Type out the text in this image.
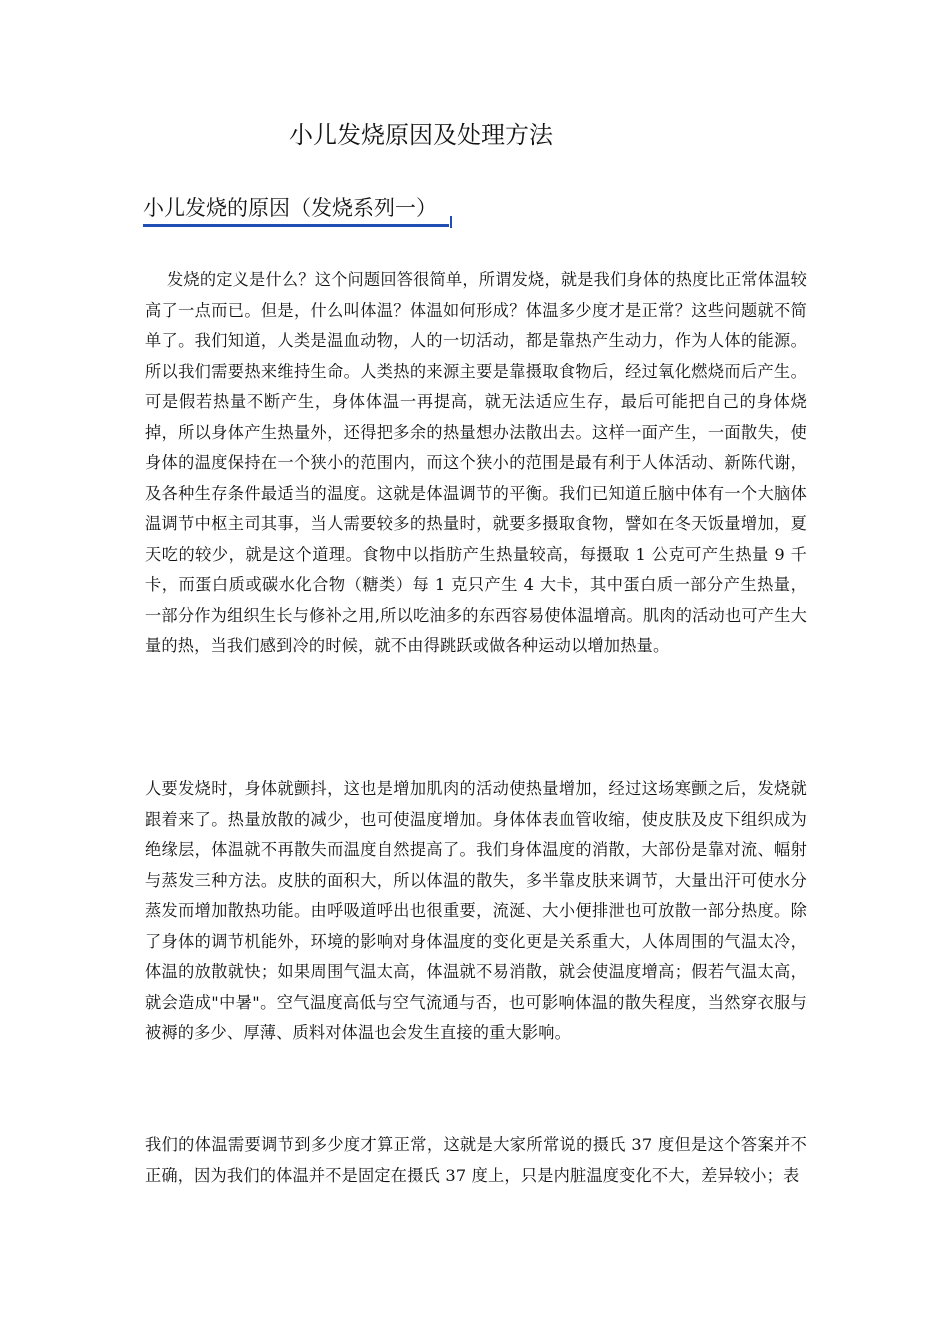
小儿发烧原因及处理方法
小儿发烧的原因（发烧系列一）

发烧的定义是什么？这个问题回答很简单，所谓发烧，就是我们身体的热度比正常体温较高了一点而已。但是，什么叫体温？体温如何形成？体温多少度才是正常？这些问题就不简单了。我们知道，人类是温血动物，人的一切活动，都是靠热产生动力，作为人体的能源。所以我们需要热来维持生命。人类热的来源主要是靠摄取食物后，经过氧化燃烧而后产生。可是假若热量不断产生，身体体温一再提高，就无法适应生存，最后可能把自己的身体烧掉，所以身体产生热量外，还得把多余的热量想办法散出去。这样一面产生，一面散失，使身体的温度保持在一个狭小的范围内，而这个狭小的范围是最有利于人体活动、新陈代谢，及各种生存条件最适当的温度。这就是体温调节的平衡。我们已知道丘脑中体有一个大脑体温调节中枢主司其事，当人需要较多的热量时，就要多摄取食物，譬如在冬天饭量增加，夏天吃的较少，就是这个道理。食物中以指肪产生热量较高，每摄取 1 公克可产生热量 9 千卡，而蛋白质或碳水化合物（糖类）每 1 克只产生 4 大卡，其中蛋白质一部分产生热量，一部分作为组织生长与修补之用,所以吃油多的东西容易使体温增高。肌肉的活动也可产生大量的热，当我们感到冷的时候，就不由得跳跃或做各种运动以增加热量。

人要发烧时，身体就颤抖，这也是增加肌肉的活动使热量增加，经过这场寒颤之后，发烧就跟着来了。热量放散的减少，也可使温度增加。身体体表血管收缩，使皮肤及皮下组织成为绝缘层，体温就不再散失而温度自然提高了。我们身体温度的消散，大部份是靠对流、幅射与蒸发三种方法。皮肤的面积大，所以体温的散失，多半靠皮肤来调节，大量出汗可使水分蒸发而增加散热功能。由呼吸道呼出也很重要，流涎、大小便排泄也可放散一部分热度。除了身体的调节机能外，环境的影响对身体温度的变化更是关系重大，人体周围的气温太冷，体温的放散就快；如果周围气温太高，体温就不易消散，就会使温度增高；假若气温太高，就会造成"中暑"。空气温度高低与空气流通与否，也可影响体温的散失程度，当然穿衣服与被褥的多少、厚薄、质料对体温也会发生直接的重大影响。

我们的体温需要调节到多少度才算正常，这就是大家所常说的摄氏 37 度但是这个答案并不正确，因为我们的体温并不是固定在摄氏 37 度上，只是内脏温度变化不大，差异较小；表
